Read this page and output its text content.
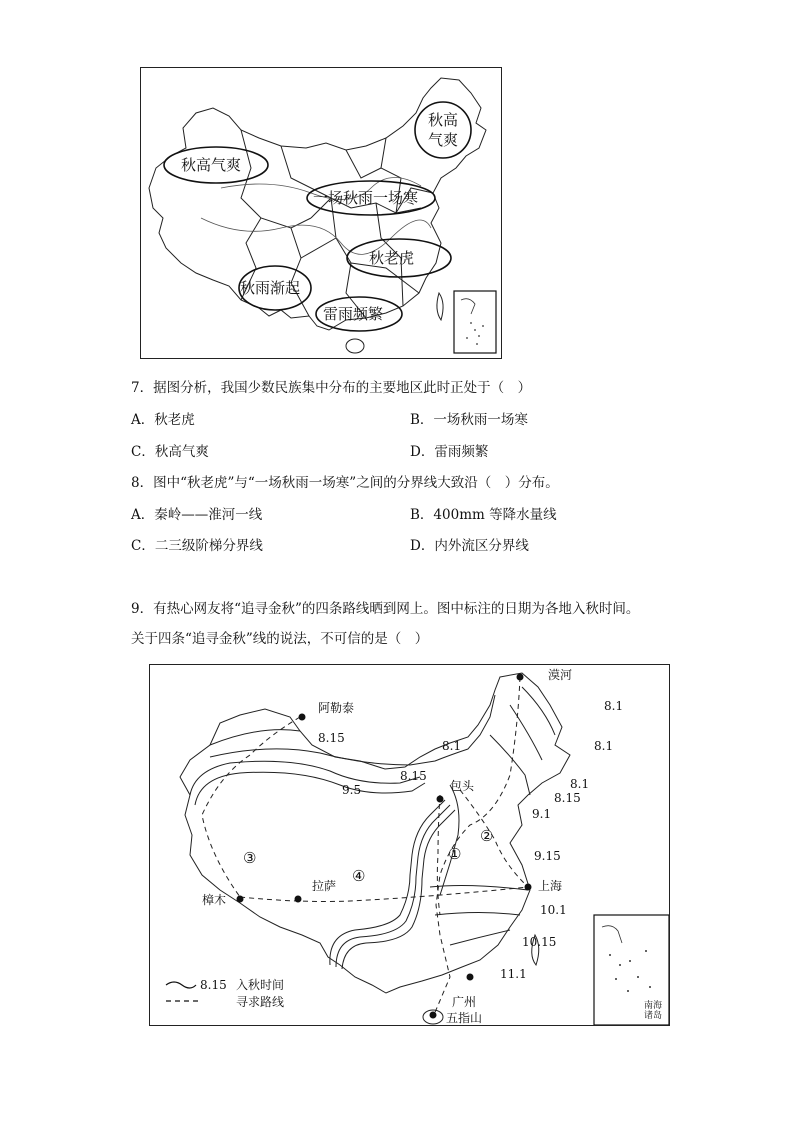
秋高气爽
秋高
气爽
一场秋雨一场寒
秋老虎
秋雨渐起
雷雨频繁
7．据图分析，我国少数民族集中分布的主要地区此时正处于（　）
A．秋老虎	B．一场秋雨一场寒
C．秋高气爽	D．雷雨频繁
8．图中“秋老虎”与“一场秋雨一场寒”之间的分界线大致沿（　）分布。
A．秦岭——淮河一线	B．400mm 等降水量线
C．二三级阶梯分界线	D．内外流区分界线
9．有热心网友将“追寻金秋”的四条路线晒到网上。图中标注的日期为各地入秋时间。
关于四条“追寻金秋”线的说法，不可信的是（　）
漠河
阿勒泰
包头
拉萨
樟木
上海
广州
五指山
8.1
8.1
8.1
8.15
8.15
8.1
8.15
9.1
9.5
9.15
10.1
10.15
11.1
①
②
③
④
8.15 入秋时间
寻求路线	南海
诸岛
